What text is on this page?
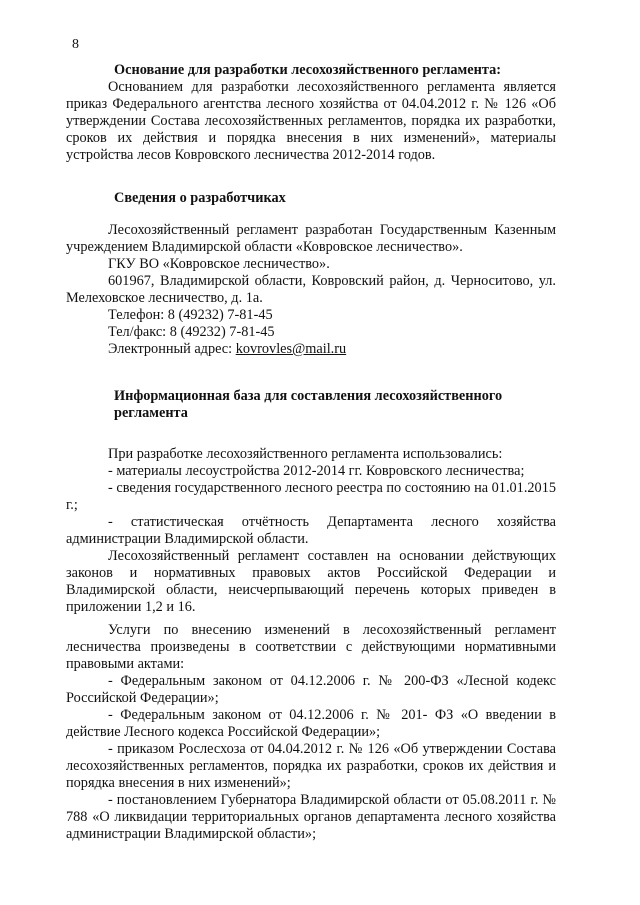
8
Основание для разработки лесохозяйственного регламента:

Основанием для разработки лесохозяйственного регламента является приказ Федерального агентства лесного хозяйства от 04.04.2012 г. № 126 «Об утверждении Состава лесохозяйственных регламентов, порядка их разработки, сроков их действия и порядка внесения в них изменений», материалы устройства лесов Ковровского лесничества 2012-2014 годов.

Сведения о разработчиках

Лесохозяйственный регламент разработан Государственным Казенным учреждением Владимирской области «Ковровское лесничество».

ГКУ ВО «Ковровское лесничество».

601967, Владимирской области, Ковровский район, д. Черноситово, ул. Мелеховское лесничество, д. 1а.

Телефон: 8 (49232) 7-81-45

Тел/факс: 8 (49232) 7-81-45

Электронный адрес: kovrovles@mail.ru

Информационная база для составления лесохозяйственного регламента

При разработке лесохозяйственного регламента использовались:

- материалы лесоустройства 2012-2014 гг. Ковровского лесничества;

- сведения государственного лесного реестра по состоянию на 01.01.2015 г.;

- статистическая отчётность Департамента лесного хозяйства администрации Владимирской области.

Лесохозяйственный регламент составлен на основании действующих законов и нормативных правовых актов Российской Федерации и Владимирской области, неисчерпывающий перечень которых приведен в приложении 1,2 и 16.

Услуги по внесению изменений в лесохозяйственный регламент лесничества произведены в соответствии с действующими нормативными правовыми актами:

- Федеральным законом от 04.12.2006 г. № 200-ФЗ «Лесной кодекс Российской Федерации»;

- Федеральным законом от 04.12.2006 г. № 201- ФЗ «О введении в действие Лесного кодекса Российской Федерации»;

- приказом Рослесхоза от 04.04.2012 г. № 126 «Об утверждении Состава лесохозяйственных регламентов, порядка их разработки, сроков их действия и порядка внесения в них изменений»;

- постановлением Губернатора Владимирской области от 05.08.2011 г. № 788 «О ликвидации территориальных органов департамента лесного хозяйства администрации Владимирской области»;
